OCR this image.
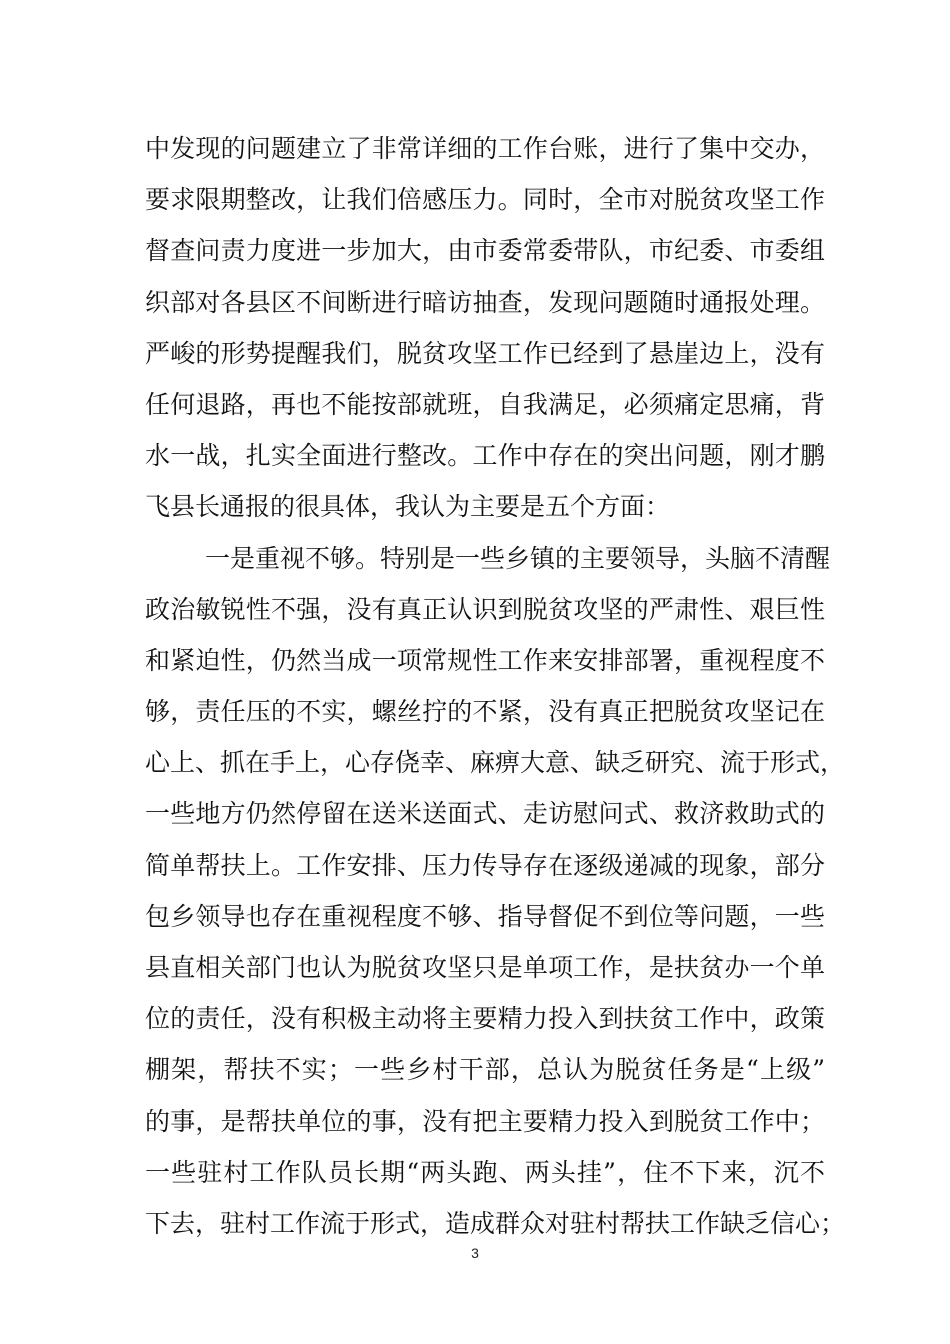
中发现的问题建立了非常详细的工作台账，进行了集中交办，
要求限期整改，让我们倍感压力。同时，全市对脱贫攻坚工作
督查问责力度进一步加大，由市委常委带队，市纪委、市委组
织部对各县区不间断进行暗访抽查，发现问题随时通报处理。
严峻的形势提醒我们，脱贫攻坚工作已经到了悬崖边上，没有
任何退路，再也不能按部就班，自我满足，必须痛定思痛，背
水一战，扎实全面进行整改。工作中存在的突出问题，刚才鹏
飞县长通报的很具体，我认为主要是五个方面：
一是重视不够。特别是一些乡镇的主要领导，头脑不清醒
政治敏锐性不强，没有真正认识到脱贫攻坚的严肃性、艰巨性
和紧迫性，仍然当成一项常规性工作来安排部署，重视程度不
够，责任压的不实，螺丝拧的不紧，没有真正把脱贫攻坚记在
心上、抓在手上，心存侥幸、麻痹大意、缺乏研究、流于形式，
一些地方仍然停留在送米送面式、走访慰问式、救济救助式的
简单帮扶上。工作安排、压力传导存在逐级递减的现象，部分
包乡领导也存在重视程度不够、指导督促不到位等问题，一些
县直相关部门也认为脱贫攻坚只是单项工作，是扶贫办一个单
位的责任，没有积极主动将主要精力投入到扶贫工作中，政策
棚架，帮扶不实；一些乡村干部，总认为脱贫任务是“上级”
的事，是帮扶单位的事，没有把主要精力投入到脱贫工作中；
一些驻村工作队员长期“两头跑、两头挂”，住不下来，沉不
下去，驻村工作流于形式，造成群众对驻村帮扶工作缺乏信心；
3
